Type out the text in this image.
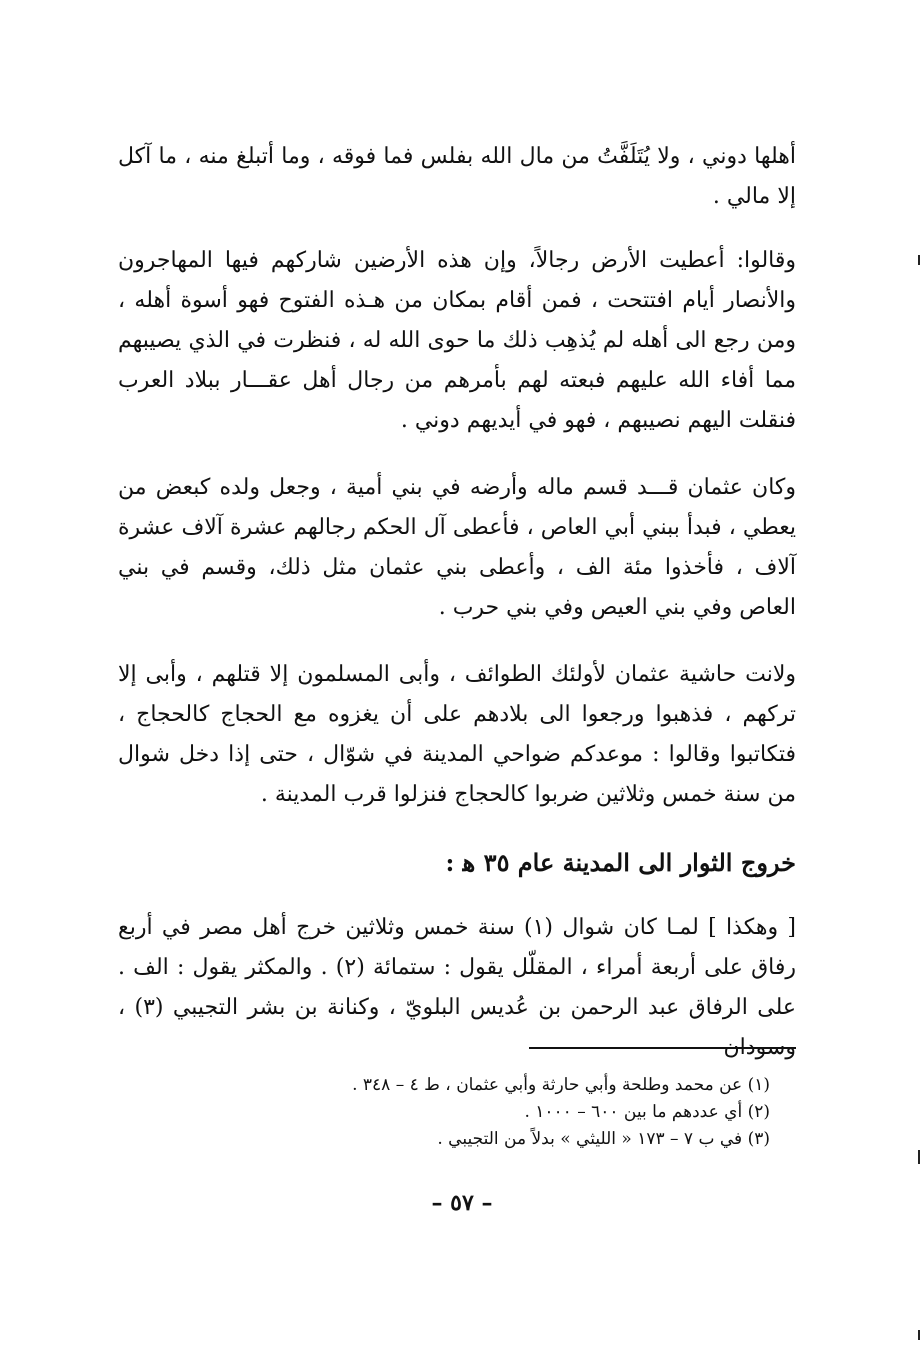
أهلها دوني ، ولا يُتَلَفَّتُ من مال الله بفلس فما فوقه ، وما أتبلغ منه ، ما آكل إلا مالي .

وقالوا: أعطيت الأرض رجالاً، وإن هذه الأرضين شاركهم فيها المهاجرون والأنصار أيام افتتحت ، فمن أقام بمكان من هـذه الفتوح فهو أسوة أهله ، ومن رجع الى أهله لم يُذهِب ذلك ما حوى الله له ، فنظرت في الذي يصيبهم مما أفاء الله عليهم فبعته لهم بأمرهم من رجال أهل عقـــار ببلاد العرب فنقلت اليهم نصيبهم ، فهو في أيديهم دوني .

وكان عثمان قـــد قسم ماله وأرضه في بني أمية ، وجعل ولده كبعض من يعطي ، فبدأ ببني أبي العاص ، فأعطى آل الحكم رجالهم عشرة آلاف عشرة آلاف ، فأخذوا مئة الف ، وأعطى بني عثمان مثل ذلك، وقسم في بني العاص وفي بني العيص وفي بني حرب .

ولانت حاشية عثمان لأولئك الطوائف ، وأبى المسلمون إلا قتلهم ، وأبى إلا تركهم ، فذهبوا ورجعوا الى بلادهم على أن يغزوه مع الحجاج كالحجاج ، فتكاتبوا وقالوا : موعدكم ضواحي المدينة في شوّال ، حتى إذا دخل شوال من سنة خمس وثلاثين ضربوا كالحجاج فنزلوا قرب المدينة .

خروج الثوار الى المدينة عام ٣٥ ﻫ :

[ وهكذا ] لمـا كان شوال (١) سنة خمس وثلاثين خرج أهل مصر في أربع رفاق على أربعة أمراء ، المقلّل يقول : ستمائة (٢) . والمكثر يقول : الف . على الرفاق عبد الرحمن بن عُديس البلويّ ، وكنانة بن بشر التجيبي (٣) ، وسودان

(١) عن محمد وطلحة وأبي حارثة وأبي عثمان ، ط ٤ – ٣٤٨ .

(٢) أي عددهم ما بين ٦٠٠ – ١٠٠٠ .

(٣) في ب ٧ – ١٧٣ « الليثي » بدلاً من التجيبي .

– ٥٧ –
